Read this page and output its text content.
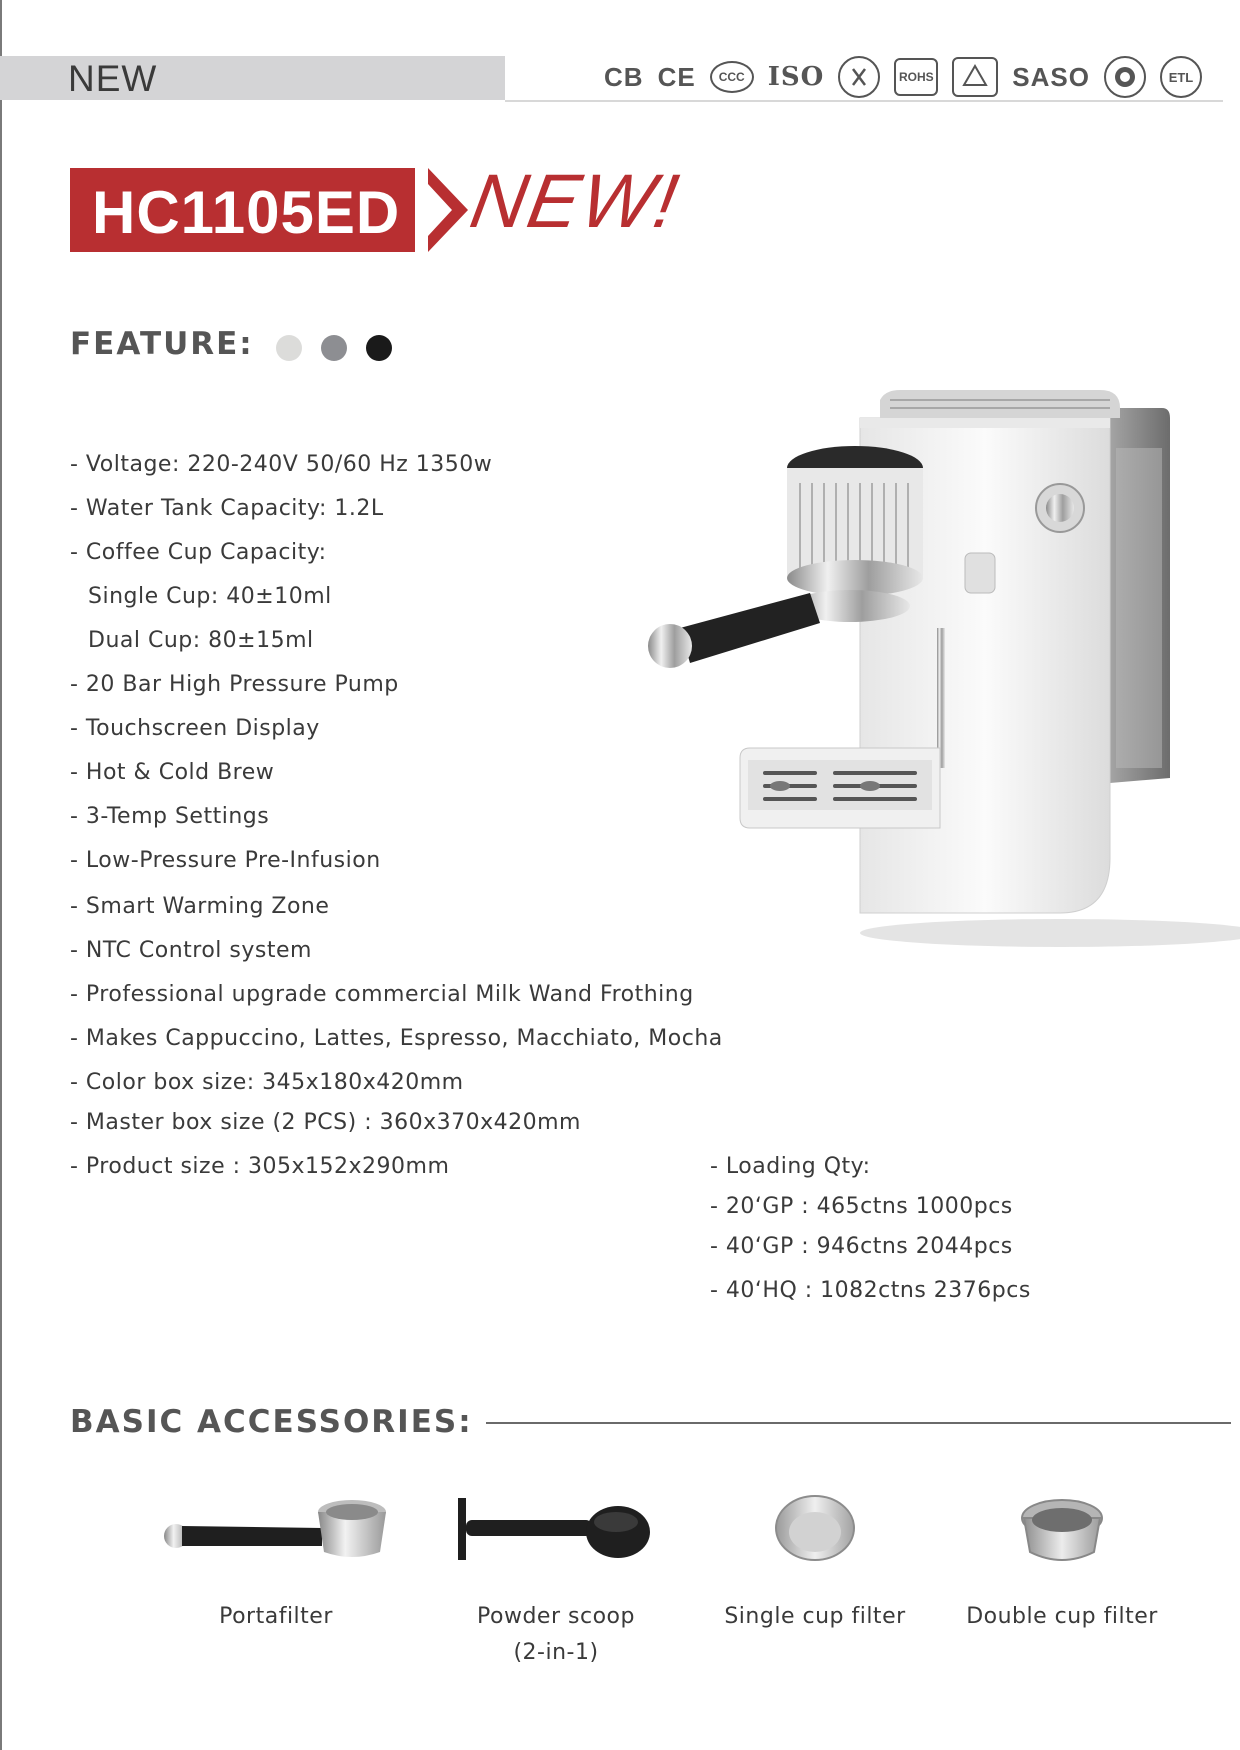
NEW	CB CE	CCC ISO	ROHS	SASO	ETL
HC1105ED NEW!
FEATURE:
- Voltage: 220-240V 50/60 Hz 1350w
- Water Tank Capacity: 1.2L
- Coffee Cup Capacity:
Single Cup: 40±10ml
Dual Cup: 80±15ml
- 20 Bar High Pressure Pump
- Touchscreen Display
- Hot & Cold Brew
- 3-Temp Settings
- Low-Pressure Pre-Infusion
- Smart Warming Zone
- NTC Control system
- Professional upgrade commercial Milk Wand Frothing
- Makes Cappuccino, Lattes, Espresso, Macchiato, Mocha
- Color box size: 345x180x420mm
- Master box size (2 PCS) : 360x370x420mm
- Product size : 305x152x290mm	- Loading Qty:
- 20‘GP : 465ctns 1000pcs
- 40‘GP : 946ctns 2044pcs
- 40‘HQ : 1082ctns 2376pcs
BASIC ACCESSORIES:
Portafilter	Powder scoop
(2-in-1)
Single cup filter	Double cup filter
